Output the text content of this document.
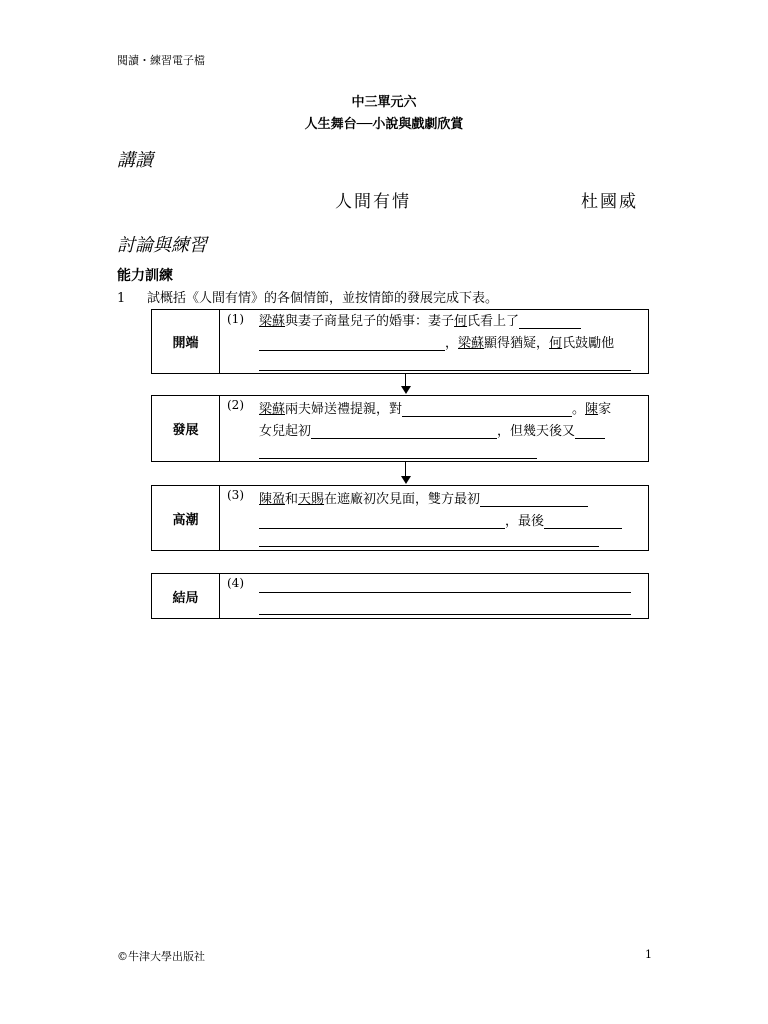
閱讀・練習電子檔
中三單元六
人生舞台──小說與戲劇欣賞
講讀
人間有情	杜國威
討論與練習
能力訓練
1 試概括《人間有情》的各個情節，並按情節的發展完成下表。
開端
(1) 梁蘇與妻子商量兒子的婚事：妻子何氏看上了
，梁蘇顯得猶疑，何氏鼓勵他
發展
(2) 梁蘇兩夫婦送禮提親，對	。陳家
女兒起初	，但幾天後又
高潮
(3) 陳盈和天賜在遮廠初次見面，雙方最初
，最後
結局
(4)
©牛津大學出版社	1
